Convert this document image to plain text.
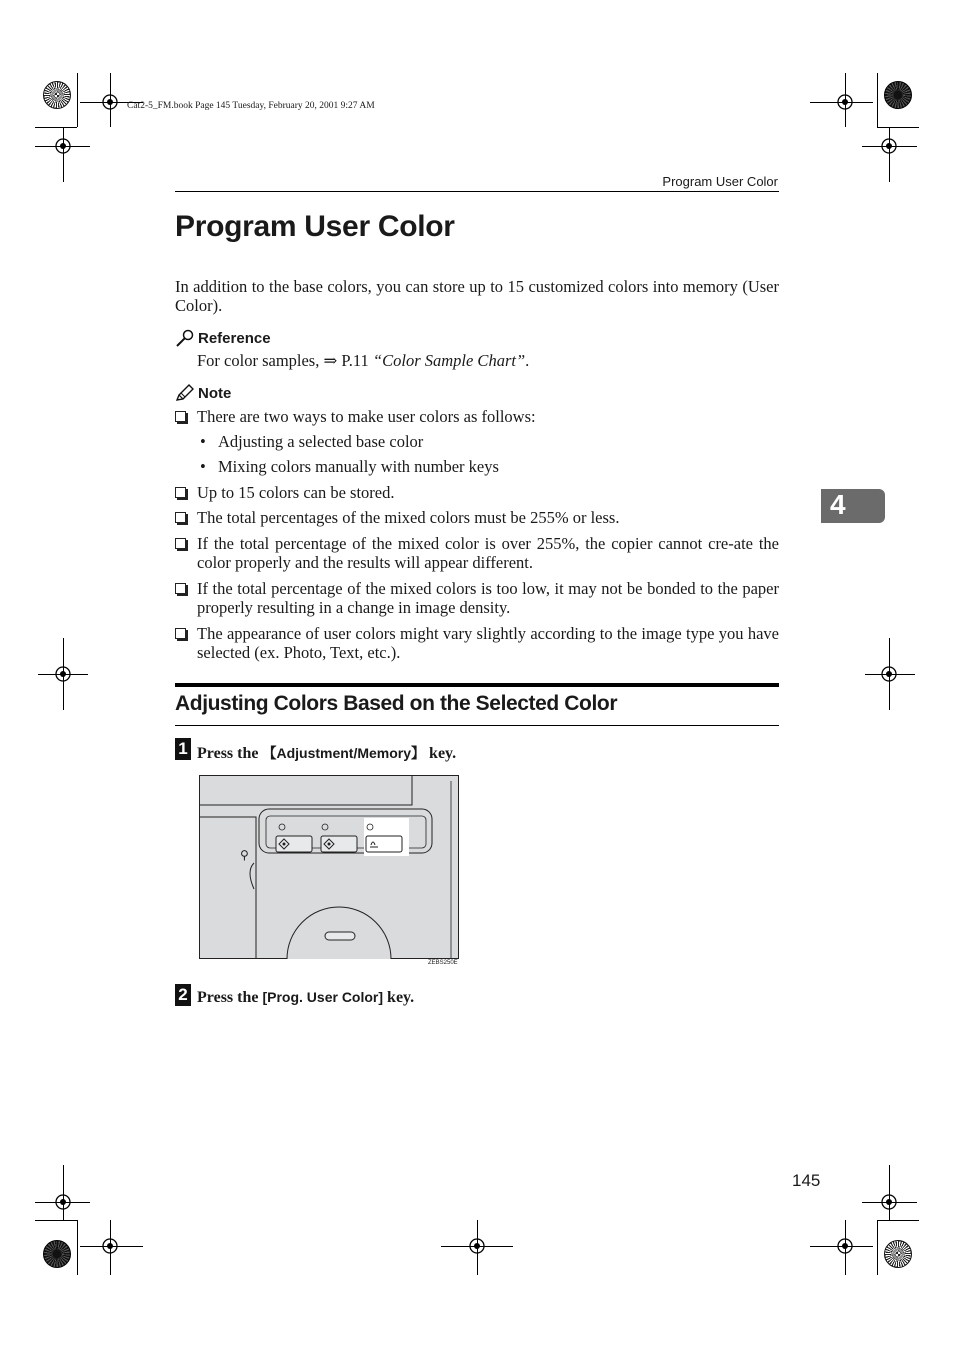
Cat2-5_FM.book Page 145 Tuesday, February 20, 2001 9:27 AM
Program User Color
Program User Color
In addition to the base colors, you can store up to 15 customized colors into memory (User Color).
Reference
For color samples, ⇒ P.11 “Color Sample Chart”.
Note
There are two ways to make user colors as follows:
• Adjusting a selected base color
• Mixing colors manually with number keys
Up to 15 colors can be stored.
The total percentages of the mixed colors must be 255% or less.
If the total percentage of the mixed color is over 255%, the copier cannot cre-ate the color properly and the results will appear different.
If the total percentage of the mixed colors is too low, it may not be bonded to the paper properly resulting in a change in image density.
The appearance of user colors might vary slightly according to the image type you have selected (ex. Photo, Text, etc.).
4
Adjusting Colors Based on the Selected Color
1 Press the 【Adjustment/Memory】 key.
⚲
ZEBS250E
2 Press the [Prog. User Color] key.
145
